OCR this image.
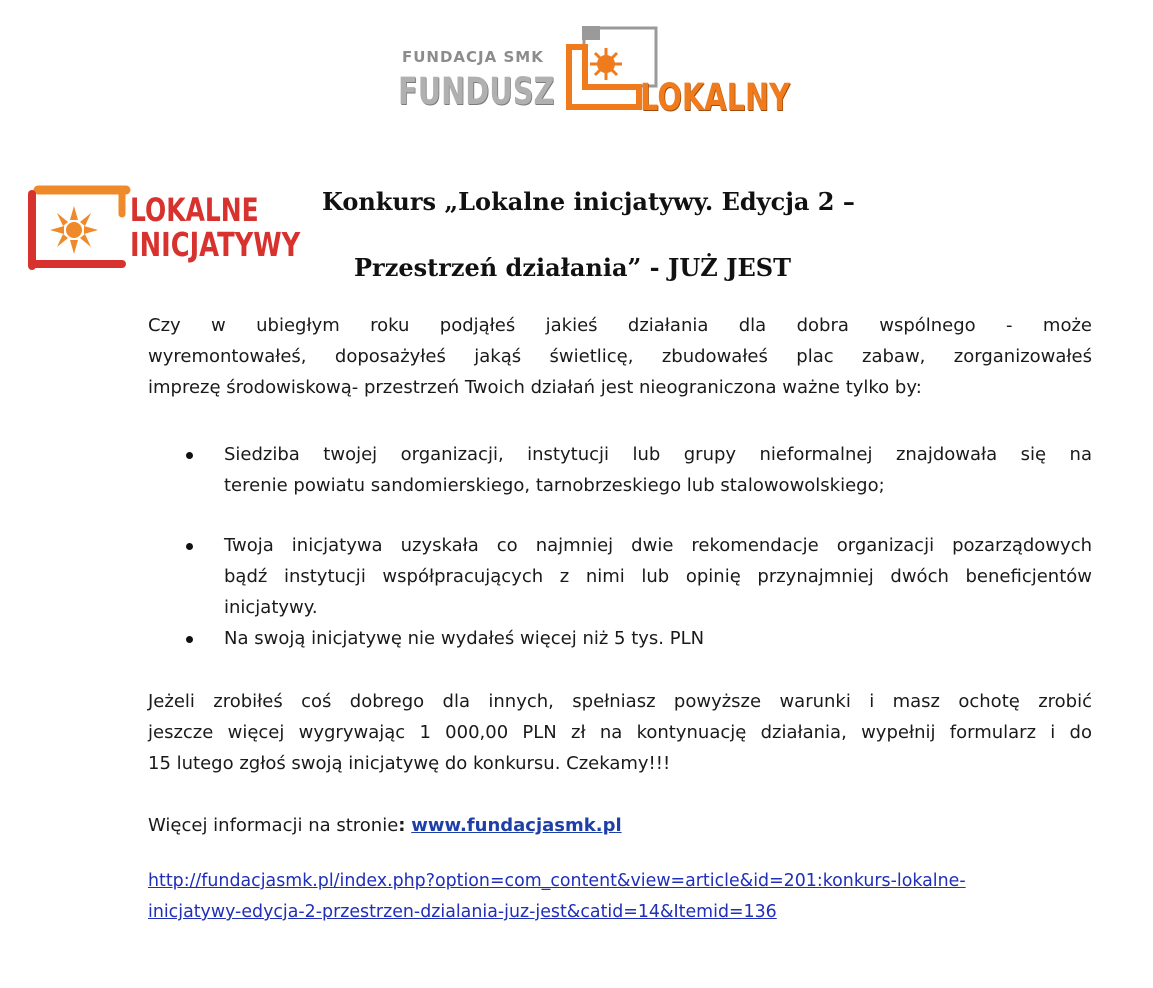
FUNDACJA SMK
FUNDUSZ LOKALNY
LOKALNE
INICJATYWY
Konkurs „Lokalne inicjatywy. Edycja 2 –
Przestrzeń działania” - JUŻ JEST
Czy w ubiegłym roku podjąłeś jakieś działania dla dobra wspólnego - może
wyremontowałeś, doposażyłeś jakąś świetlicę, zbudowałeś plac zabaw, zorganizowałeś
imprezę środowiskową- przestrzeń Twoich działań jest nieograniczona ważne tylko by:
Siedziba twojej organizacji, instytucji lub grupy nieformalnej znajdowała się na
terenie powiatu sandomierskiego, tarnobrzeskiego lub stalowowolskiego;
Twoja inicjatywa uzyskała co najmniej dwie rekomendacje organizacji pozarządowych
bądź instytucji współpracujących z nimi lub opinię przynajmniej dwóch beneficjentów
inicjatywy.
Na swoją inicjatywę nie wydałeś więcej niż 5 tys. PLN
Jeżeli zrobiłeś coś dobrego dla innych, spełniasz powyższe warunki i masz ochotę zrobić
jeszcze więcej wygrywając 1 000,00 PLN zł na kontynuację działania, wypełnij formularz i do
15 lutego zgłoś swoją inicjatywę do konkursu. Czekamy!!!
Więcej informacji na stronie: www.fundacjasmk.pl
http://fundacjasmk.pl/index.php?option=com_content&view=article&id=201:konkurs-lokalne-
inicjatywy-edycja-2-przestrzen-dzialania-juz-jest&catid=14&Itemid=136
